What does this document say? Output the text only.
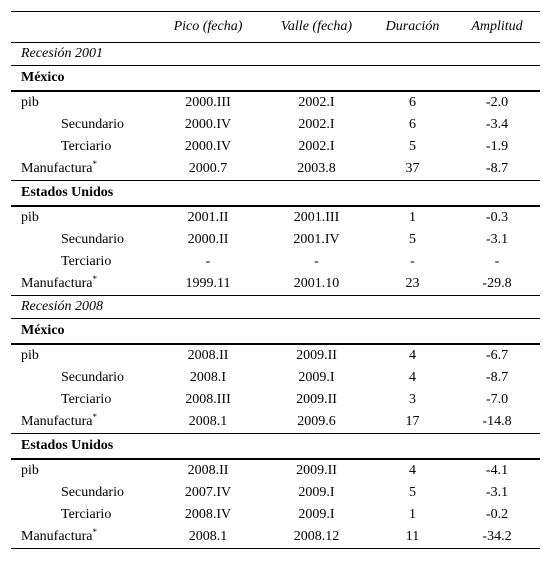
	Pico (fecha)	Valle (fecha)	Duración	Amplitud
Recesión 2001				
México				
pib	2000.III	2002.I	6	-2.0
Secundario	2000.IV	2002.I	6	-3.4
Terciario	2000.IV	2002.I	5	-1.9
Manufactura*	2000.7	2003.8	37	-8.7
Estados Unidos				
pib	2001.II	2001.III	1	-0.3
Secundario	2000.II	2001.IV	5	-3.1
Terciario	-	-	-	-
Manufactura*	1999.11	2001.10	23	-29.8
Recesión 2008				
México				
pib	2008.II	2009.II	4	-6.7
Secundario	2008.I	2009.I	4	-8.7
Terciario	2008.III	2009.II	3	-7.0
Manufactura*	2008.1	2009.6	17	-14.8
Estados Unidos				
pib	2008.II	2009.II	4	-4.1
Secundario	2007.IV	2009.I	5	-3.1
Terciario	2008.IV	2009.I	1	-0.2
Manufactura*	2008.1	2008.12	11	-34.2
